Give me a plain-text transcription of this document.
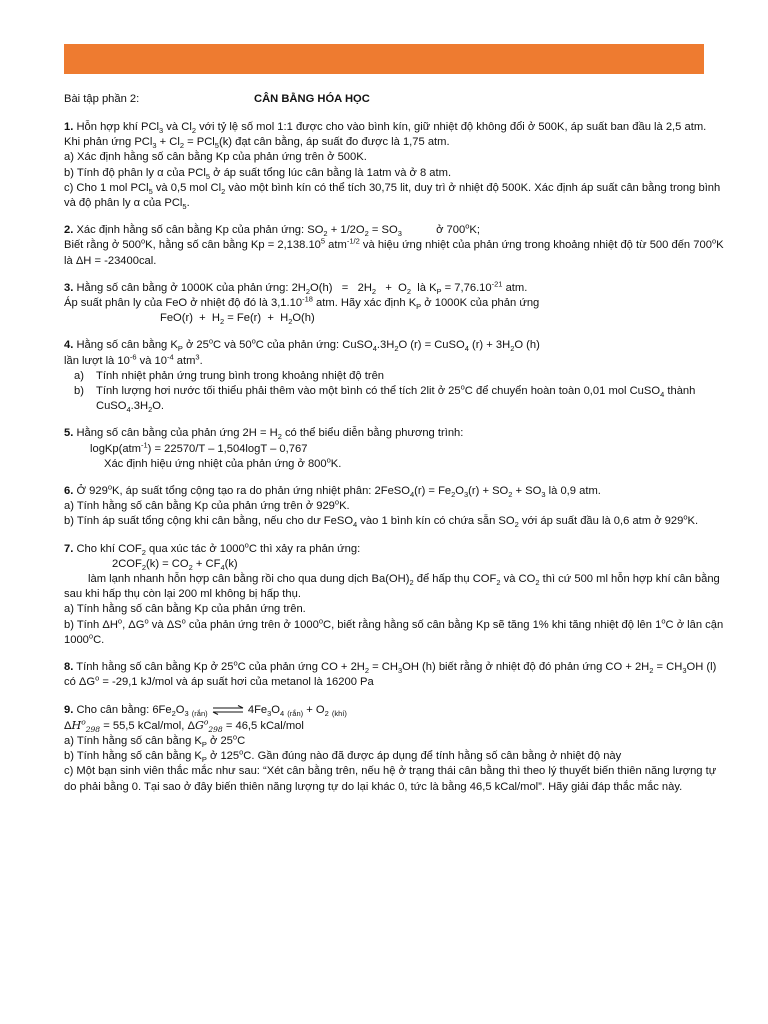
Bài tập phần 2:	CÂN BẰNG HÓA HỌC
1. Hỗn hợp khí PCl$_3$ và $Cl_2$ với tỷ lệ số mol 1:1 được cho vào bình kín, giữ nhiệt độ không đổi ở 500K, áp suất ban đầu là 2,5 atm. Khi phản ứng $PCl_3 + Cl_2 = PCl_5(k)$ đạt cân bằng, áp suất đo được là 1,75 atm.
a) Xác định hằng số cân bằng Kp của phản ứng trên ở 500K.
b) Tính độ phân ly α của PCl$_5$ ở áp suất tổng lúc cân bằng là 1atm và ở 8 atm.
c) Cho 1 mol PCl$_5$ và 0,5 mol $Cl_2$ vào một bình kín có thể tích 30,75 lit, duy trì ở nhiệt độ 500K. Xác định áp suất cân bằng trong bình và độ phân ly α của PCl$_5$.
2. Xác định hằng số cân bằng Kp của phản ứng: $SO_2 + 1/2O_2 = SO_3$           ở 700$^o$K;
Biết rằng ở 500$^o$K, hằng số cân bằng $Kp = 2,138.10^5$ atm$^{-1/2}$ và hiệu ứng nhiệt của phản ứng trong khoảng nhiệt độ từ 500 đến 700$^o$K là ΔH = -23400cal.
3. Hằng số cân bằng ở 1000K của phản ứng: $2H_2O(h) = 2H_2 + O_2$  là $K_P = 7,76.10^{-21}$ atm.
Áp suất phân ly của FeO ở nhiệt độ đó là $3,1.10^{-18}$ atm. Hãy xác định $K_P$ ở 1000K của phản ứng
$FeO(r) + H_2 = Fe(r) + H_2O(h)$
4. Hằng số cân bằng $K_P$ ở 25$^o$C và 50$^o$C của phản ứng: $CuSO_4.3H_2O$ (r) = CuSO$_4$ $(r) + 3H_2O$ (h)
lần lượt là $10^{-6}$ và $10^{-4}$ atm$^3$.
a)	Tính nhiệt phản ứng trung bình trong khoảng nhiệt độ trên
b)	Tính lượng hơi nước tối thiểu phải thêm vào một bình có thể tích 2lit ở 25$^o$C để chuyển hoàn toàn 0,01 mol CuSO$_4$ thành $CuSO_4.3H_2O$.
5. Hằng số cân bằng của phản ứng $2H = H_2$ có thể biểu diễn bằng phương trình:
logKp(atm$^{-1}$) = 22570/T – 1,504logT – 0,767
Xác định hiệu ứng nhiệt của phản ứng ở 800$^o$K.
6. Ở 929$^o$K, áp suất tổng cộng tạo ra do phản ứng nhiệt phân: 2FeSO$_4$(r) = $Fe_2O_3(r) + SO_2 + SO_3$ là 0,9 atm.
a) Tính hằng số cân bằng Kp của phản ứng trên ở 929$^o$K.
b) Tính áp suất tổng cộng khi cân bằng, nếu cho dư FeSO$_4$ vào 1 bình kín có chứa sẵn $SO_2$ với áp suất đầu là 0,6 atm ở 929$^o$K.
7. Cho khí $COF_2$ qua xúc tác ở 1000$^o$C thì xảy ra phản ứng:
$2COF_2(k) = CO_2 + CF_4(k)$
làm lạnh nhanh hỗn hợp cân bằng rồi cho qua dung dịch $Ba(OH)_2$ để hấp thụ $COF_2$ và $CO_2$ thì cứ 500 ml hỗn hợp khí cân bằng sau khi hấp thụ còn lại 200 ml không bị hấp thụ.
a) Tính hằng số cân bằng Kp của phản ứng trên.
b) Tính $\Delta H^o$, $\Delta G^o$ và $\Delta S^o$ của phản ứng trên ở 1000$^o$C, biết rằng hằng số cân bằng Kp sẽ tăng 1% khi tăng nhiệt độ lên 1$^o$C ở lân cận 1000$^o$C.
8. Tính hằng số cân bằng Kp ở 25$^o$C của phản ứng CO + $2H_2 = CH_3OH$ (h) biết rằng ở nhiệt độ đó phản ứng CO + $2H_2 = CH_3OH$ (l) có $\Delta G^o = -29,1$ kJ/mol và áp suất hơi của metanol là 16200 Pa
9. Cho cân bằng: $6Fe_2O_3$ $_{(rắn)}$ ⇌ $4Fe_3O_4$ $_{(rắn)} + O_2$ $_{(khí)}$
$\Delta H^o_{298} = 55,5$ kCal/mol, $\Delta G^o_{298} = 46,5$ kCal/mol
a) Tính hằng số cân bằng $K_P$ ở 25$^o$C
b) Tính hằng số cân bằng $K_P$ ở 125$^o$C. Gần đúng nào đã được áp dụng để tính hằng số cân bằng ở nhiệt độ này
c) Một bạn sinh viên thắc mắc như sau: “Xét cân bằng trên, nếu hệ ở trạng thái cân bằng thì theo lý thuyết biến thiên năng lượng tự do phải bằng 0. Tại sao ở đây biến thiên năng lượng tự do lại khác 0, tức là bằng 46,5 kCal/mol”. Hãy giải đáp thắc mắc này.
